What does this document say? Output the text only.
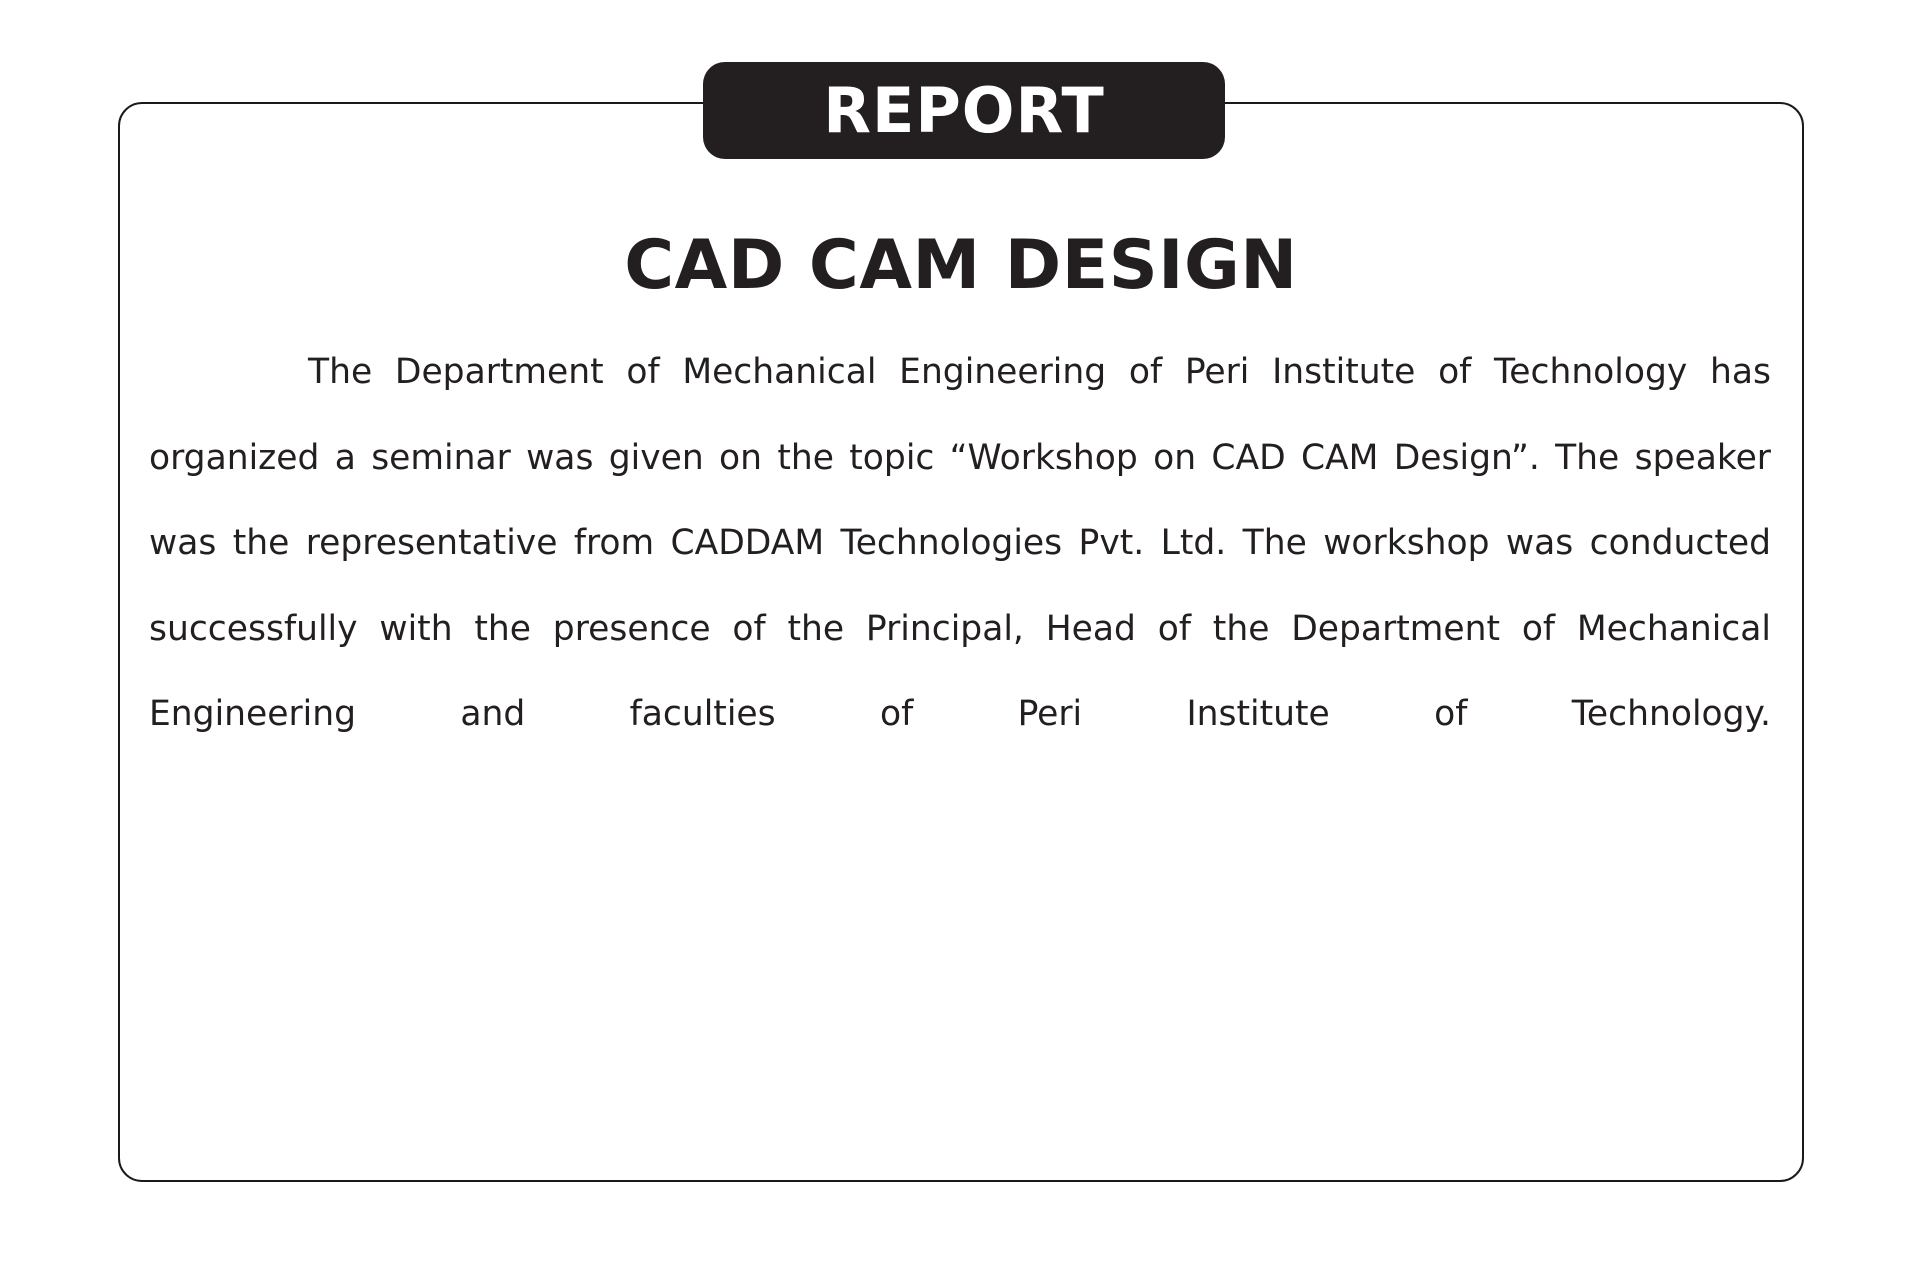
REPORT
CAD CAM DESIGN

The Department of Mechanical Engineering of Peri Institute of Technology has organized a seminar was given on the topic “Workshop on CAD CAM Design”. The speaker was the representative from CADDAM Technologies Pvt. Ltd. The workshop was conducted successfully with the presence of the Principal, Head of the Department of Mechanical Engineering and faculties of Peri Institute of Technology.
